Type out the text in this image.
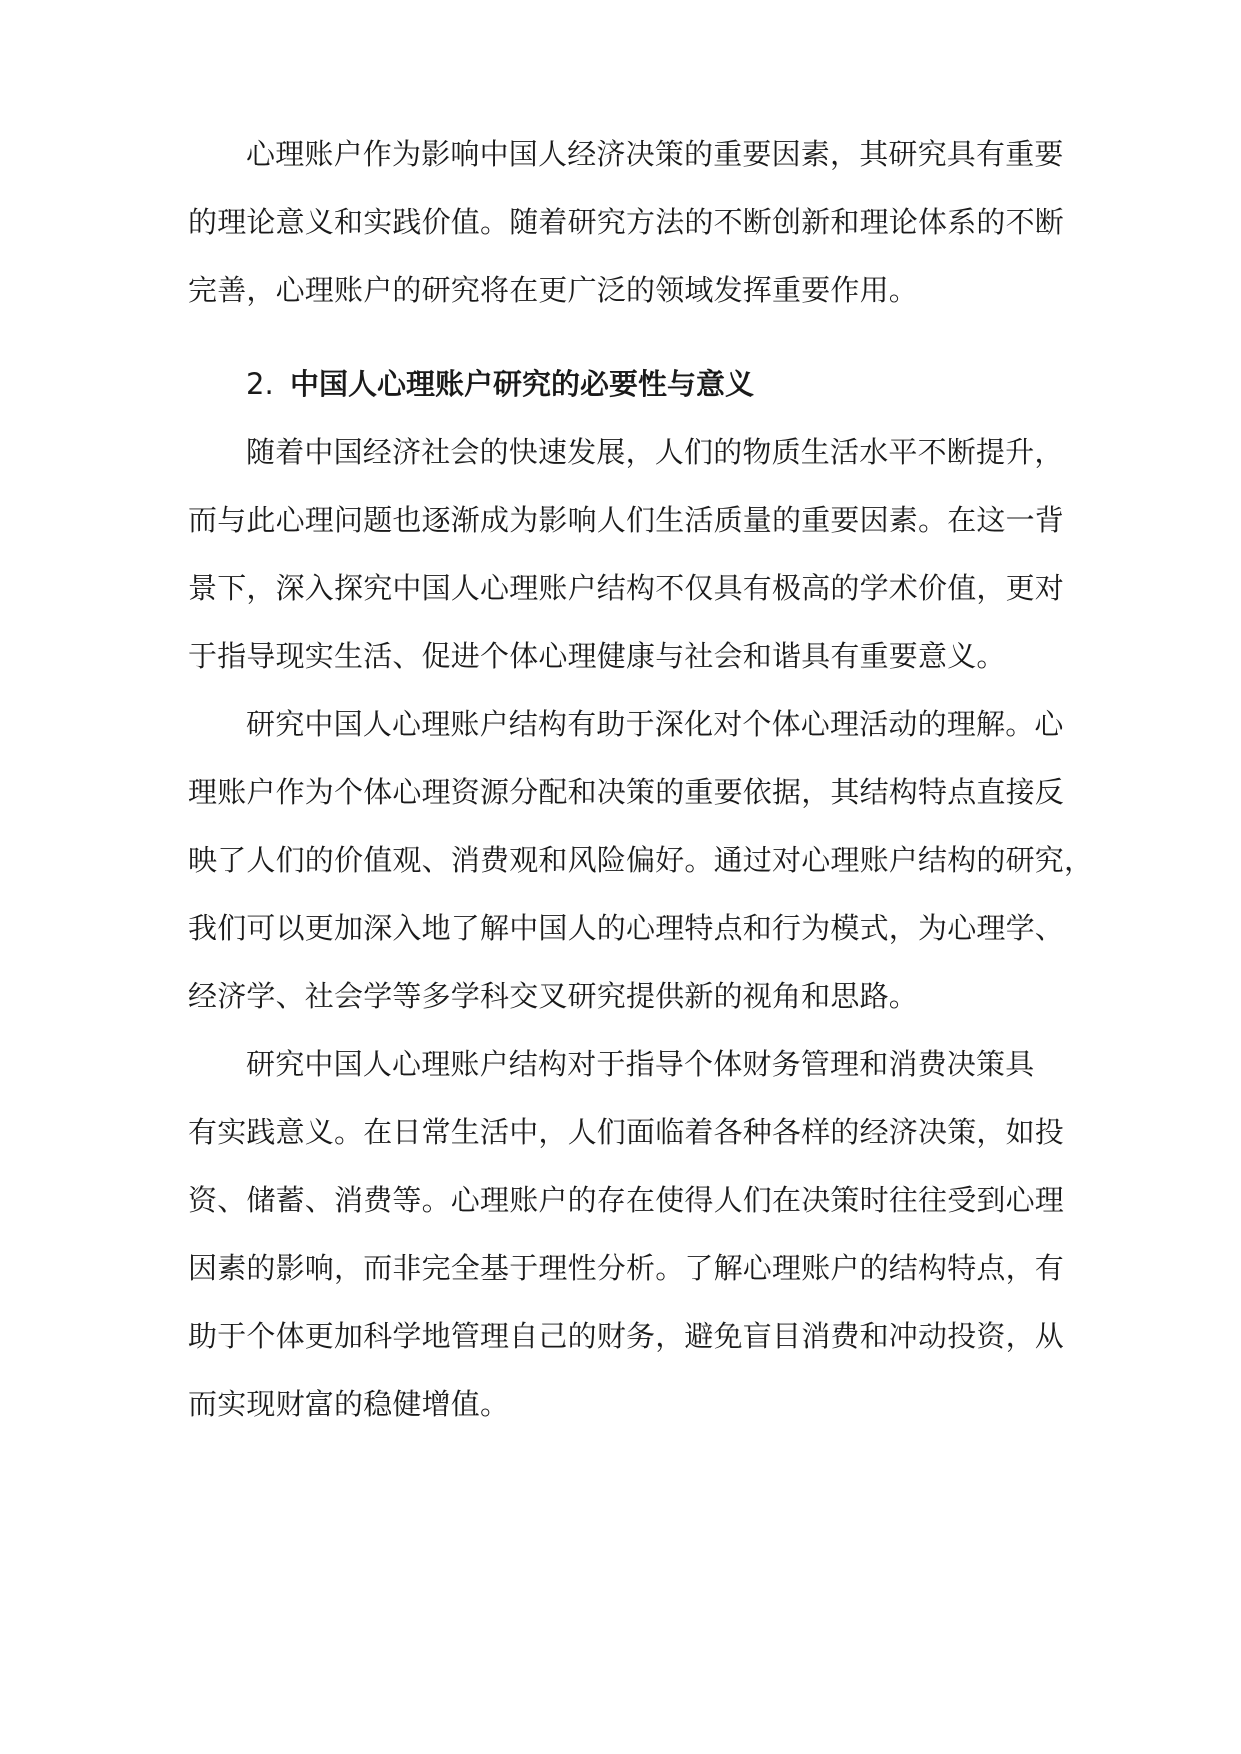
心理账户作为影响中国人经济决策的重要因素，其研究具有重要
的理论意义和实践价值。随着研究方法的不断创新和理论体系的不断
完善，心理账户的研究将在更广泛的领域发挥重要作用。
2. 中国人心理账户研究的必要性与意义
随着中国经济社会的快速发展，人们的物质生活水平不断提升，
而与此心理问题也逐渐成为影响人们生活质量的重要因素。在这一背
景下，深入探究中国人心理账户结构不仅具有极高的学术价值，更对
于指导现实生活、促进个体心理健康与社会和谐具有重要意义。
研究中国人心理账户结构有助于深化对个体心理活动的理解。心
理账户作为个体心理资源分配和决策的重要依据，其结构特点直接反
映了人们的价值观、消费观和风险偏好。通过对心理账户结构的研究，
我们可以更加深入地了解中国人的心理特点和行为模式，为心理学、
经济学、社会学等多学科交叉研究提供新的视角和思路。
研究中国人心理账户结构对于指导个体财务管理和消费决策具
有实践意义。在日常生活中，人们面临着各种各样的经济决策，如投
资、储蓄、消费等。心理账户的存在使得人们在决策时往往受到心理
因素的影响，而非完全基于理性分析。了解心理账户的结构特点，有
助于个体更加科学地管理自己的财务，避免盲目消费和冲动投资，从
而实现财富的稳健增值。
